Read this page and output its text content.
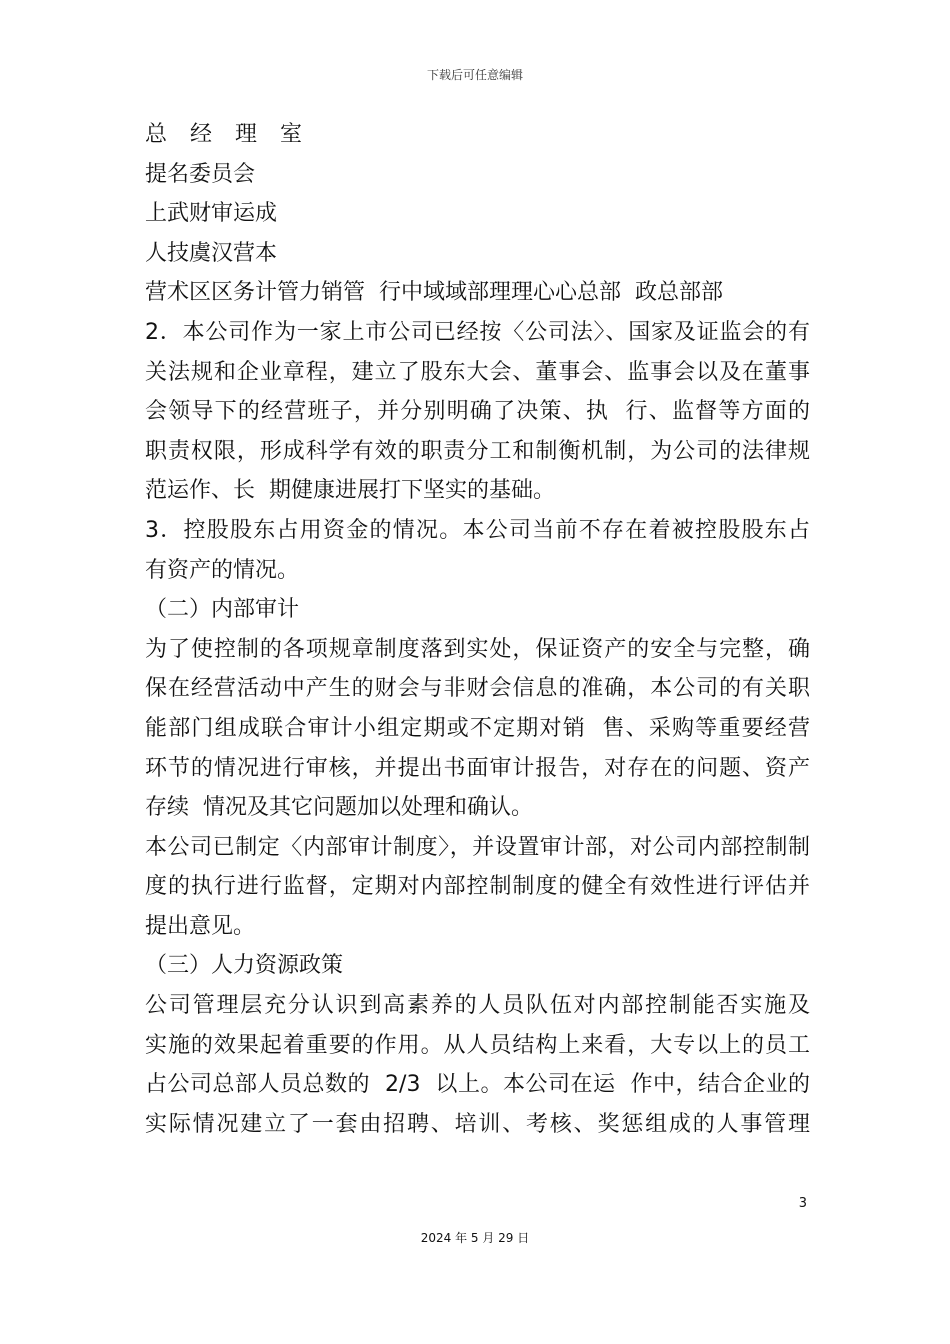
下载后可任意编辑
总 经 理 室
提名委员会
上武财审运成
人技虞汉营本
营术区区务计管力销管  行中域域部理理心心总部  政总部部
2．本公司作为一家上市公司已经按〈公司法〉、国家及证监会的有
关法规和企业章程，建立了股东大会、董事会、监事会以及在董事
会领导下的经营班子，并分别明确了决策、执  行、监督等方面的
职责权限，形成科学有效的职责分工和制衡机制，为公司的法律规
范运作、长  期健康进展打下坚实的基础。
3．控股股东占用资金的情况。本公司当前不存在着被控股股东占
有资产的情况。
（二）内部审计
为了使控制的各项规章制度落到实处，保证资产的安全与完整，确
保在经营活动中产生的财会与非财会信息的准确，本公司的有关职
能部门组成联合审计小组定期或不定期对销  售、采购等重要经营
环节的情况进行审核，并提出书面审计报告，对存在的问题、资产
存续  情况及其它问题加以处理和确认。
本公司已制定〈内部审计制度〉，并设置审计部，对公司内部控制制
度的执行进行监督，定期对内部控制制度的健全有效性进行评估并
提出意见。
（三）人力资源政策
公司管理层充分认识到高素养的人员队伍对内部控制能否实施及
实施的效果起着重要的作用。从人员结构上来看，大专以上的员工
占公司总部人员总数的  2/3  以上。本公司在运  作中，结合企业的
实际情况建立了一套由招聘、培训、考核、奖惩组成的人事管理
3
2024 年 5 月 29 日
